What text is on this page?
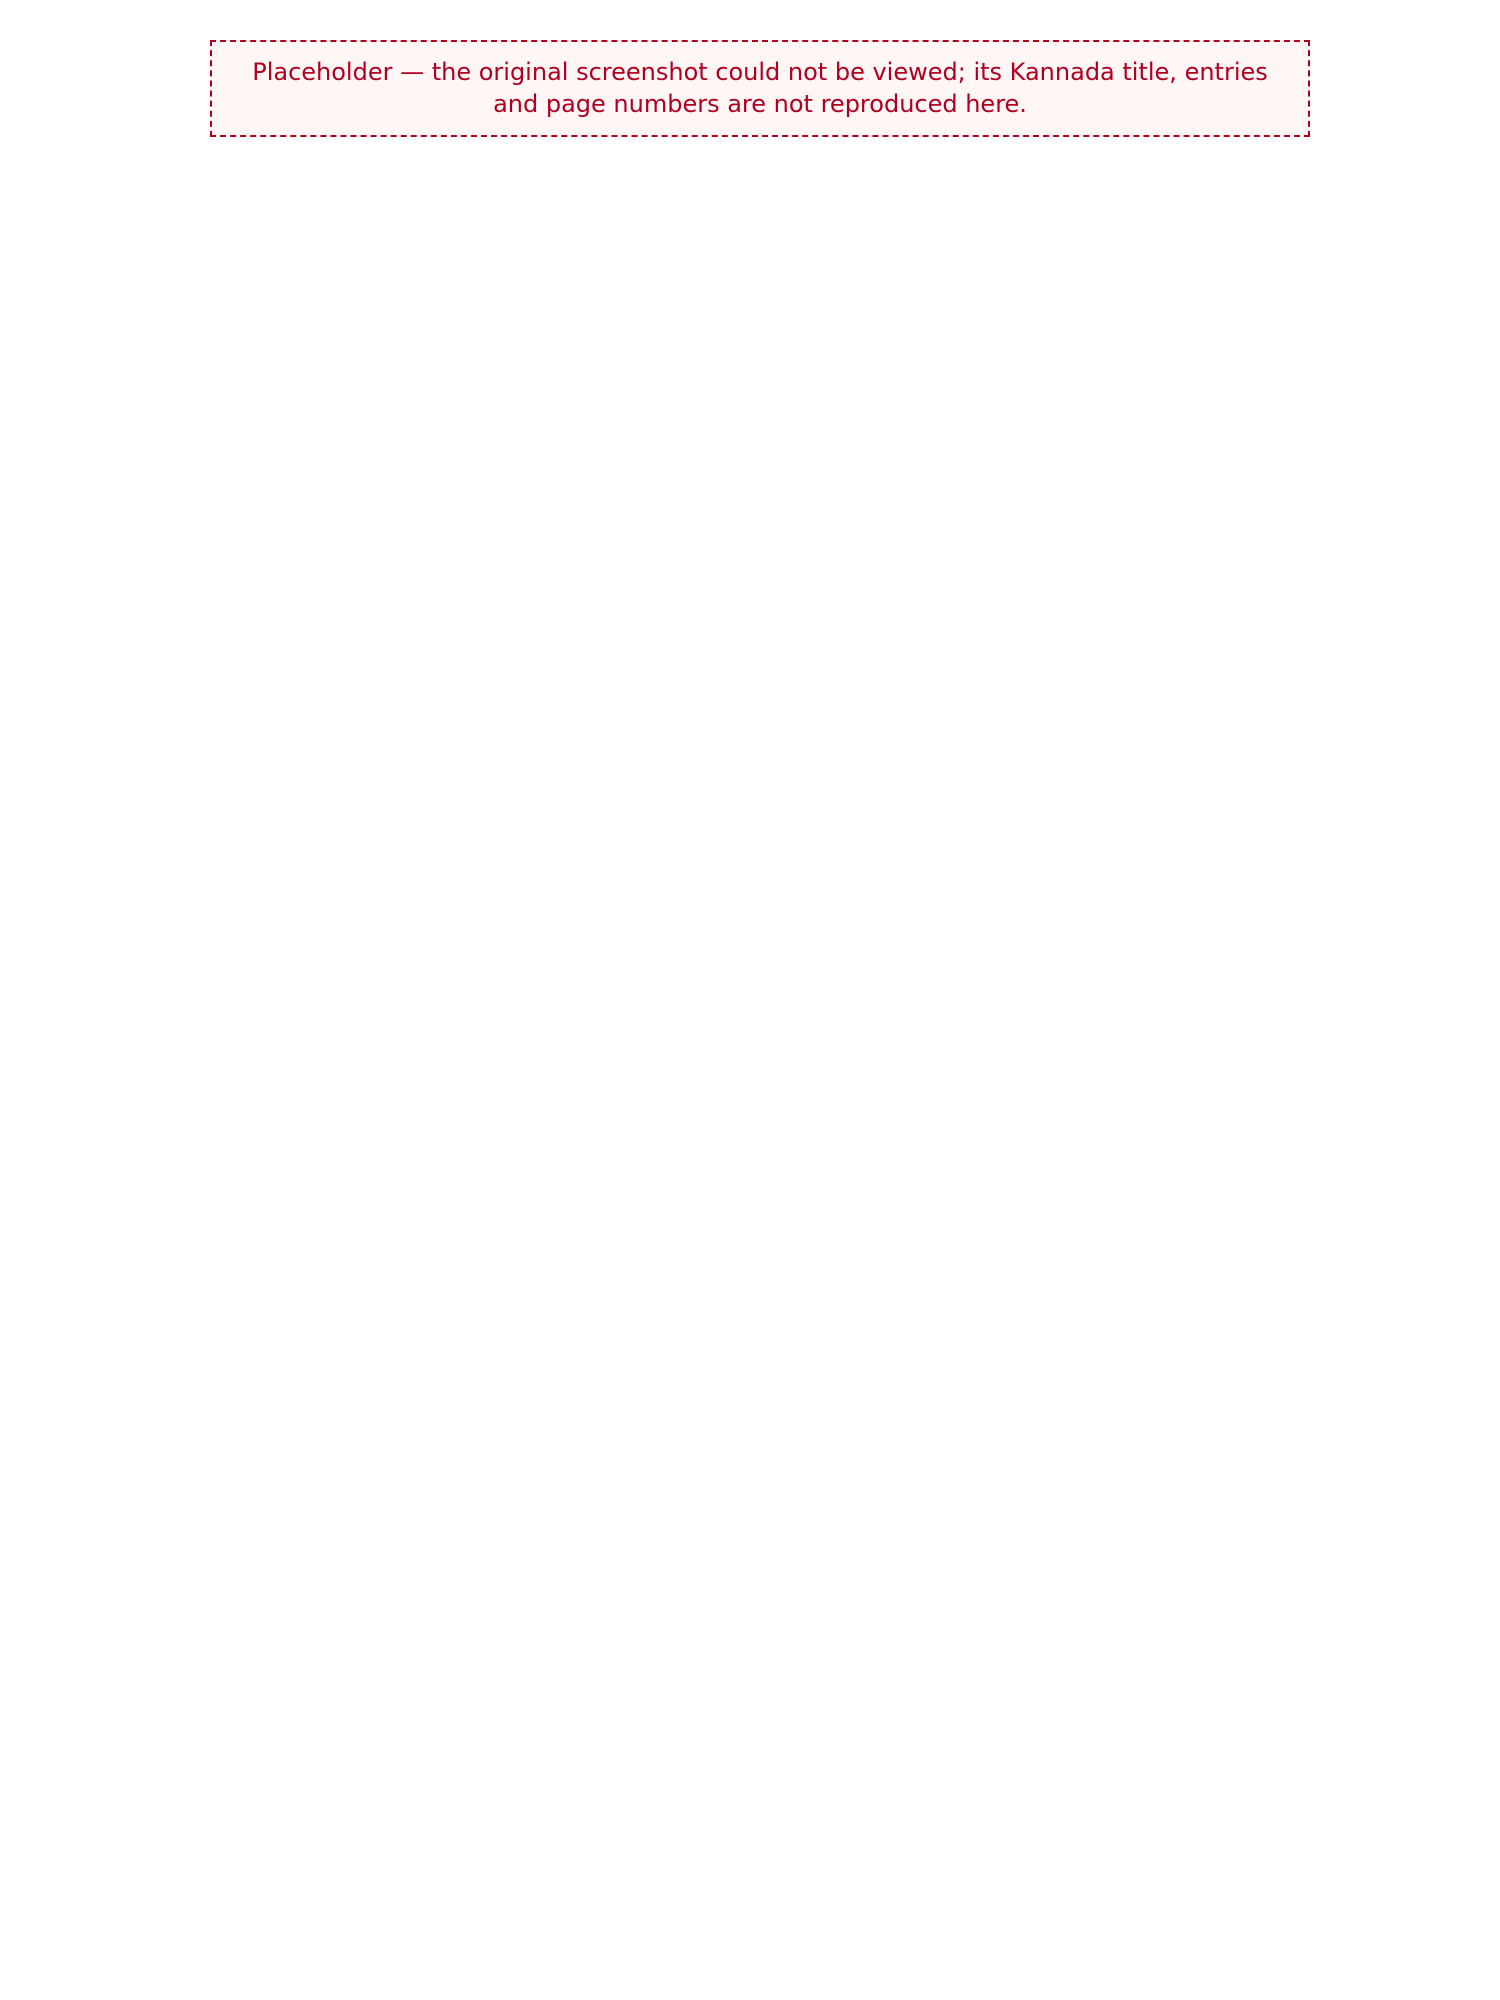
Placeholder — the original screenshot could not be viewed; its Kannada title, entries and page numbers are not reproduced here.
